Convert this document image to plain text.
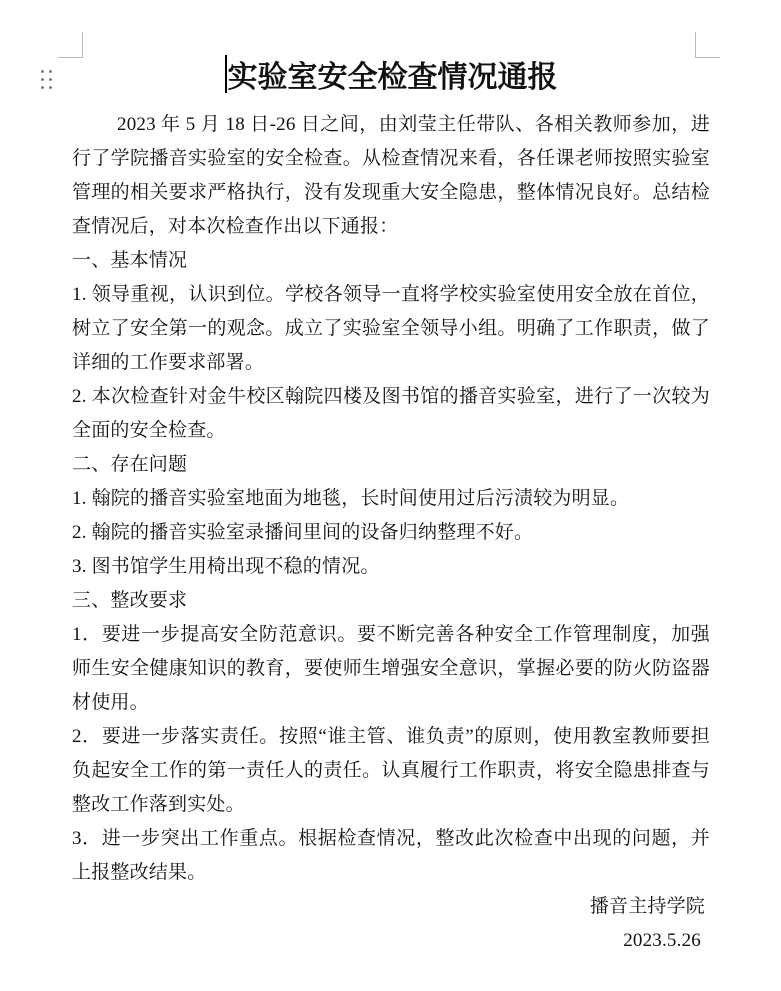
实验室安全检查情况通报

2023 年 5 月 18 日-26 日之间，由刘莹主任带队、各相关教师参加，进行了学院播音实验室的安全检查。从检查情况来看，各任课老师按照实验室管理的相关要求严格执行，没有发现重大安全隐患，整体情况良好。总结检查情况后，对本次检查作出以下通报：

一、基本情况

1. 领导重视，认识到位。学校各领导一直将学校实验室使用安全放在首位，树立了安全第一的观念。成立了实验室全领导小组。明确了工作职责，做了详细的工作要求部署。

2. 本次检查针对金牛校区翰院四楼及图书馆的播音实验室，进行了一次较为全面的安全检查。

二、存在问题

1. 翰院的播音实验室地面为地毯，长时间使用过后污渍较为明显。

2. 翰院的播音实验室录播间里间的设备归纳整理不好。

3. 图书馆学生用椅出现不稳的情况。

三、整改要求

1．要进一步提高安全防范意识。要不断完善各种安全工作管理制度，加强师生安全健康知识的教育，要使师生增强安全意识，掌握必要的防火防盗器材使用。

2．要进一步落实责任。按照“谁主管、谁负责”的原则，使用教室教师要担负起安全工作的第一责任人的责任。认真履行工作职责，将安全隐患排查与整改工作落到实处。

3．进一步突出工作重点。根据检查情况，整改此次检查中出现的问题，并上报整改结果。

播音主持学院

2023.5.26
